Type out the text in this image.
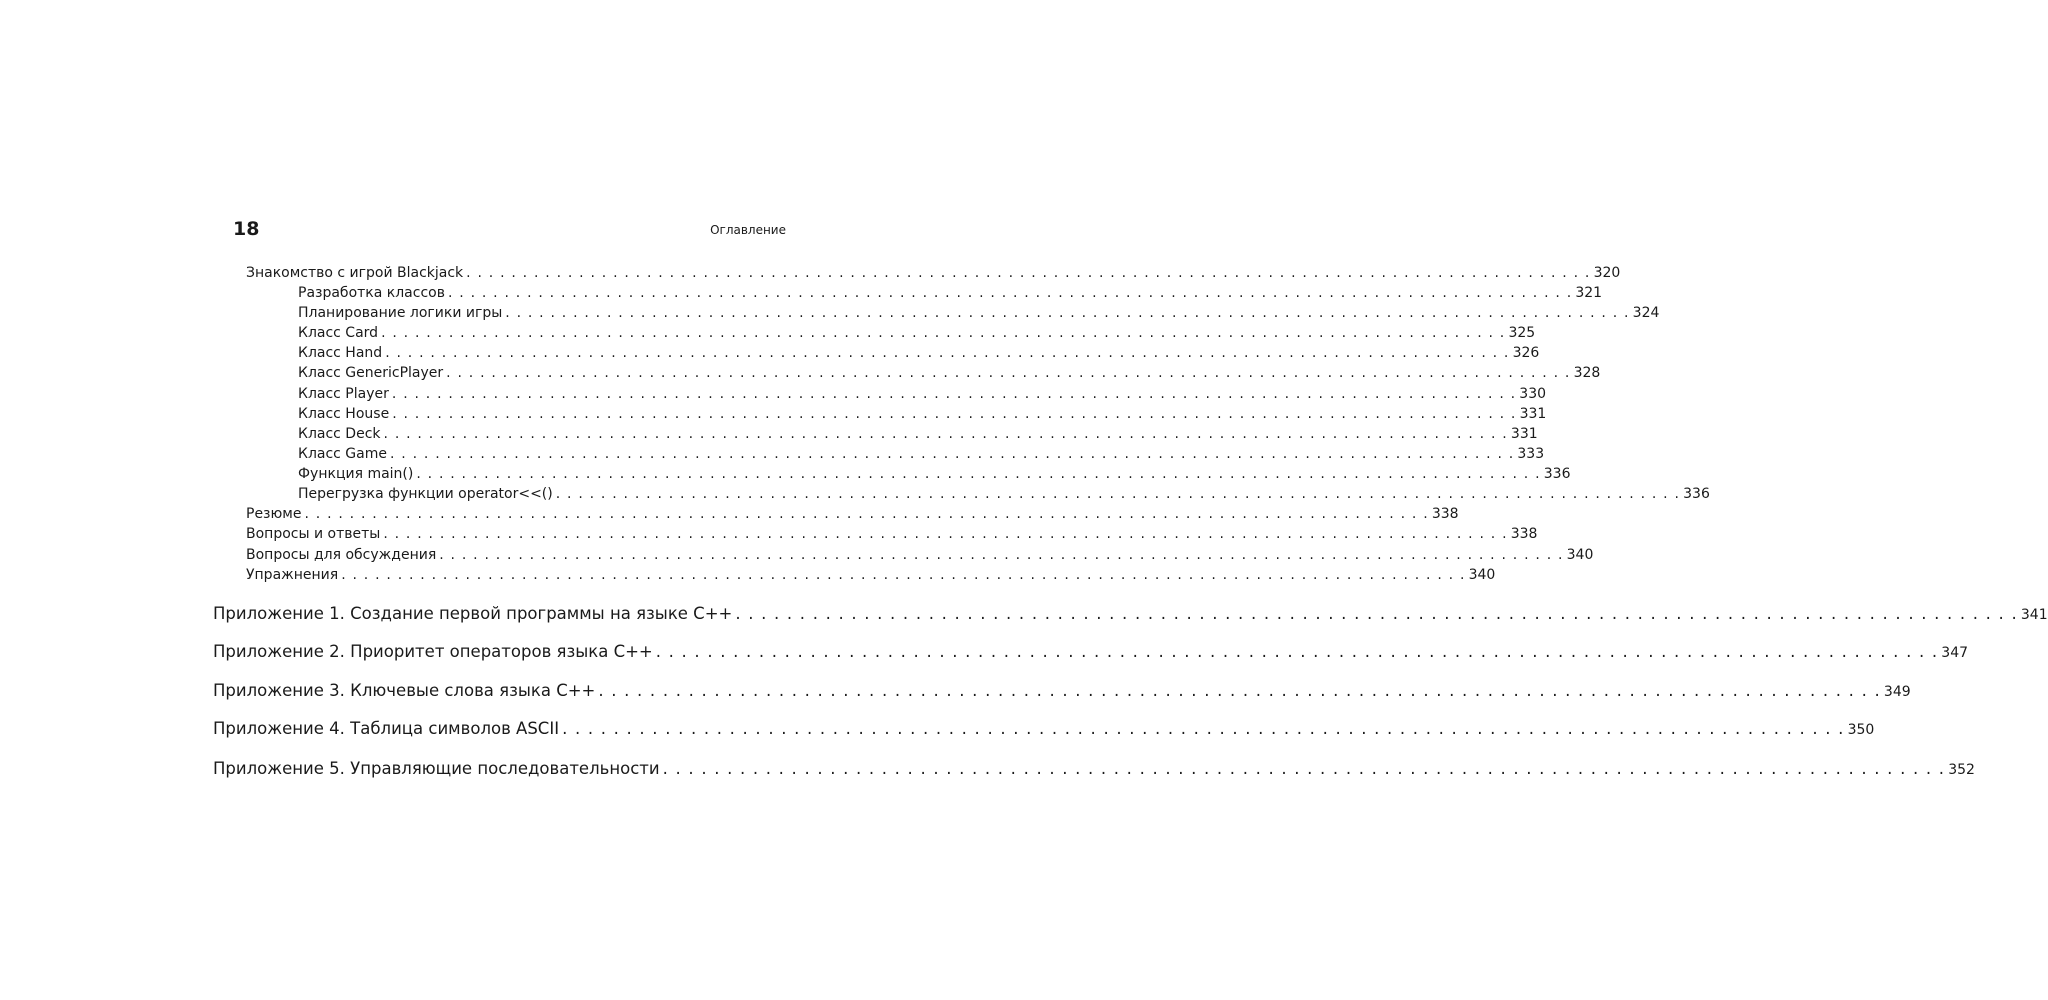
18	Оглавление
Знакомство с игрой Blackjack . . . . . . . . . . . . . . . . . . . . . . . . . . . . . . . . . . . . . . . . . . . . . . . . . . . . . . . . . . . . . . . . . . . . . . . . . . . . . . . . . . . . . . . . . . . . . . . . . . . . 320
Разработка классов . . . . . . . . . . . . . . . . . . . . . . . . . . . . . . . . . . . . . . . . . . . . . . . . . . . . . . . . . . . . . . . . . . . . . . . . . . . . . . . . . . . . . . . . . . . . . . . . . . . . 321
Планирование логики игры . . . . . . . . . . . . . . . . . . . . . . . . . . . . . . . . . . . . . . . . . . . . . . . . . . . . . . . . . . . . . . . . . . . . . . . . . . . . . . . . . . . . . . . . . . . . . . . . . . . . 324
Класс Card . . . . . . . . . . . . . . . . . . . . . . . . . . . . . . . . . . . . . . . . . . . . . . . . . . . . . . . . . . . . . . . . . . . . . . . . . . . . . . . . . . . . . . . . . . . . . . . . . . . . 325
Класс Hand . . . . . . . . . . . . . . . . . . . . . . . . . . . . . . . . . . . . . . . . . . . . . . . . . . . . . . . . . . . . . . . . . . . . . . . . . . . . . . . . . . . . . . . . . . . . . . . . . . . . 326
Класс GenericPlayer . . . . . . . . . . . . . . . . . . . . . . . . . . . . . . . . . . . . . . . . . . . . . . . . . . . . . . . . . . . . . . . . . . . . . . . . . . . . . . . . . . . . . . . . . . . . . . . . . . . . 328
Класс Player . . . . . . . . . . . . . . . . . . . . . . . . . . . . . . . . . . . . . . . . . . . . . . . . . . . . . . . . . . . . . . . . . . . . . . . . . . . . . . . . . . . . . . . . . . . . . . . . . . . . 330
Класс House . . . . . . . . . . . . . . . . . . . . . . . . . . . . . . . . . . . . . . . . . . . . . . . . . . . . . . . . . . . . . . . . . . . . . . . . . . . . . . . . . . . . . . . . . . . . . . . . . . . . 331
Класс Deck . . . . . . . . . . . . . . . . . . . . . . . . . . . . . . . . . . . . . . . . . . . . . . . . . . . . . . . . . . . . . . . . . . . . . . . . . . . . . . . . . . . . . . . . . . . . . . . . . . . . 331
Класс Game . . . . . . . . . . . . . . . . . . . . . . . . . . . . . . . . . . . . . . . . . . . . . . . . . . . . . . . . . . . . . . . . . . . . . . . . . . . . . . . . . . . . . . . . . . . . . . . . . . . . 333
Функция main() . . . . . . . . . . . . . . . . . . . . . . . . . . . . . . . . . . . . . . . . . . . . . . . . . . . . . . . . . . . . . . . . . . . . . . . . . . . . . . . . . . . . . . . . . . . . . . . . . . . . 336
Перегрузка функции operator<<() . . . . . . . . . . . . . . . . . . . . . . . . . . . . . . . . . . . . . . . . . . . . . . . . . . . . . . . . . . . . . . . . . . . . . . . . . . . . . . . . . . . . . . . . . . . . . . . . . . . . 336
Резюме . . . . . . . . . . . . . . . . . . . . . . . . . . . . . . . . . . . . . . . . . . . . . . . . . . . . . . . . . . . . . . . . . . . . . . . . . . . . . . . . . . . . . . . . . . . . . . . . . . . . 338
Вопросы и ответы . . . . . . . . . . . . . . . . . . . . . . . . . . . . . . . . . . . . . . . . . . . . . . . . . . . . . . . . . . . . . . . . . . . . . . . . . . . . . . . . . . . . . . . . . . . . . . . . . . . . 338
Вопросы для обсуждения . . . . . . . . . . . . . . . . . . . . . . . . . . . . . . . . . . . . . . . . . . . . . . . . . . . . . . . . . . . . . . . . . . . . . . . . . . . . . . . . . . . . . . . . . . . . . . . . . . . . 340
Упражнения . . . . . . . . . . . . . . . . . . . . . . . . . . . . . . . . . . . . . . . . . . . . . . . . . . . . . . . . . . . . . . . . . . . . . . . . . . . . . . . . . . . . . . . . . . . . . . . . . . . . 340
Приложение 1. Создание первой программы на языке С++ . . . . . . . . . . . . . . . . . . . . . . . . . . . . . . . . . . . . . . . . . . . . . . . . . . . . . . . . . . . . . . . . . . . . . . . . . . . . . . . . . . . . . . . . . . . . . . . . . . . . 341
Приложение 2. Приоритет операторов языка С++ . . . . . . . . . . . . . . . . . . . . . . . . . . . . . . . . . . . . . . . . . . . . . . . . . . . . . . . . . . . . . . . . . . . . . . . . . . . . . . . . . . . . . . . . . . . . . . . . . . . . 347
Приложение 3. Ключевые слова языка С++ . . . . . . . . . . . . . . . . . . . . . . . . . . . . . . . . . . . . . . . . . . . . . . . . . . . . . . . . . . . . . . . . . . . . . . . . . . . . . . . . . . . . . . . . . . . . . . . . . . . . 349
Приложение 4. Таблица символов ASCII . . . . . . . . . . . . . . . . . . . . . . . . . . . . . . . . . . . . . . . . . . . . . . . . . . . . . . . . . . . . . . . . . . . . . . . . . . . . . . . . . . . . . . . . . . . . . . . . . . . . 350
Приложение 5. Управляющие последовательности . . . . . . . . . . . . . . . . . . . . . . . . . . . . . . . . . . . . . . . . . . . . . . . . . . . . . . . . . . . . . . . . . . . . . . . . . . . . . . . . . . . . . . . . . . . . . . . . . . . . 352
